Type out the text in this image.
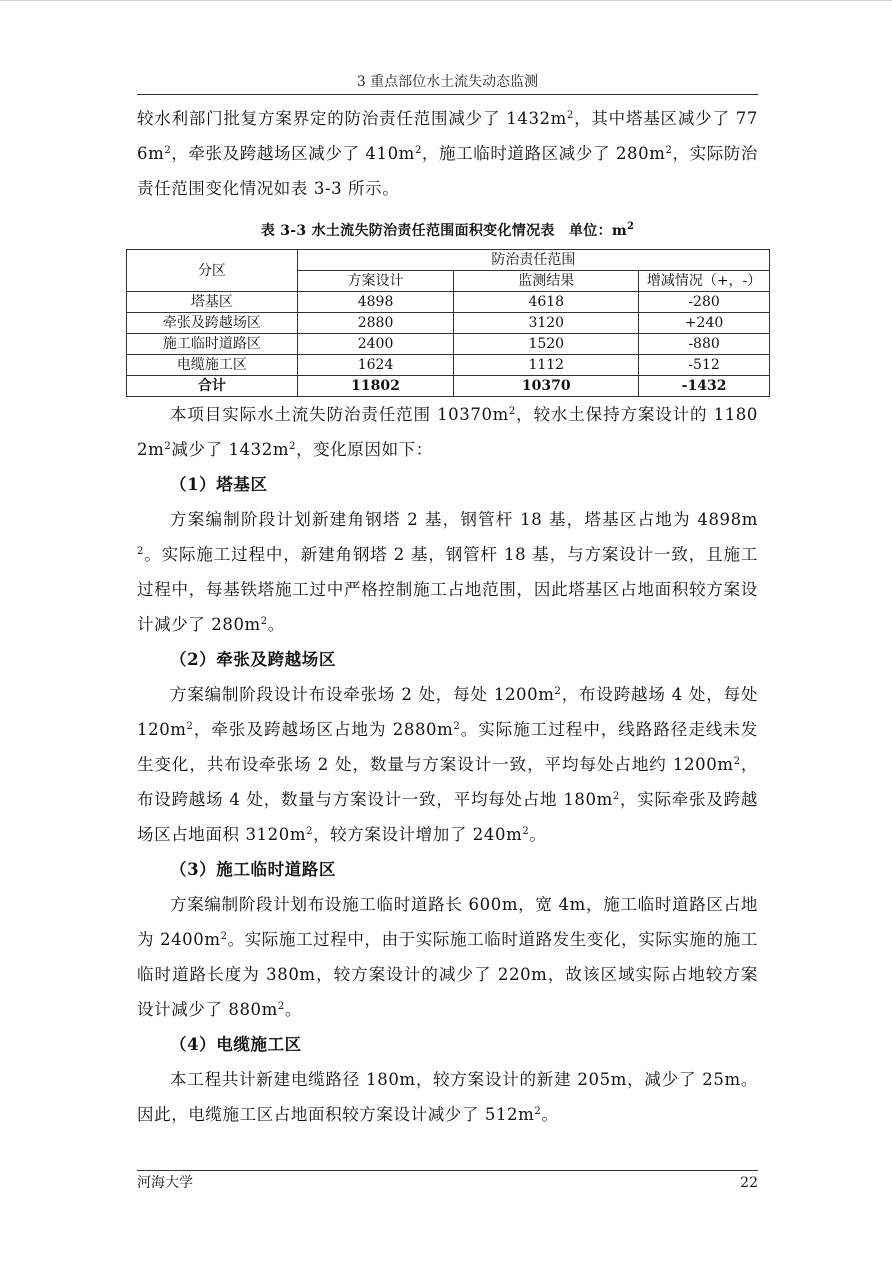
3 重点部位水土流失动态监测

较水利部门批复方案界定的防治责任范围减少了 $1432m^2$，其中塔基区减少了 $776m^2$，牵张及跨越场区减少了 $410m^2$，施工临时道路区减少了 $280m^2$，实际防治责任范围变化情况如表 3-3 所示。

表 3-3 水土流失防治责任范围面积变化情况表　单位：$m^2$
分区	防治责任范围		
	方案设计	监测结果	增减情况（+，-）
塔基区	4898	4618	-280
牵张及跨越场区	2880	3120	+240
施工临时道路区	2400	1520	-880
电缆施工区	1624	1112	-512
合计	11802	10370	-1432

本项目实际水土流失防治责任范围 $10370m^2$，较水土保持方案设计的 $11802m^2$减少了 $1432m^2$，变化原因如下：

（1）塔基区

方案编制阶段计划新建角钢塔 2 基，钢管杆 18 基，塔基区占地为 $4898m^2$。实际施工过程中，新建角钢塔 2 基，钢管杆 18 基，与方案设计一致，且施工过程中，每基铁塔施工过中严格控制施工占地范围，因此塔基区占地面积较方案设计减少了 $280m^2$。

（2）牵张及跨越场区

方案编制阶段设计布设牵张场 2 处，每处 $1200m^2$，布设跨越场 4 处，每处 $120m^2$，牵张及跨越场区占地为 $2880m^2$。实际施工过程中，线路路径走线未发生变化，共布设牵张场 2 处，数量与方案设计一致，平均每处占地约 $1200m^2$，布设跨越场 4 处，数量与方案设计一致，平均每处占地 $180m^2$，实际牵张及跨越场区占地面积 $3120m^2$，较方案设计增加了 $240m^2$。

（3）施工临时道路区

方案编制阶段计划布设施工临时道路长 600m，宽 4m，施工临时道路区占地为 $2400m^2$。实际施工过程中，由于实际施工临时道路发生变化，实际实施的施工临时道路长度为 380m，较方案设计的减少了 220m，故该区域实际占地较方案设计减少了 $880m^2$。

（4）电缆施工区

本工程共计新建电缆路径 180m，较方案设计的新建 205m，减少了 25m。因此，电缆施工区占地面积较方案设计减少了 $512m^2$。

河海大学	22
